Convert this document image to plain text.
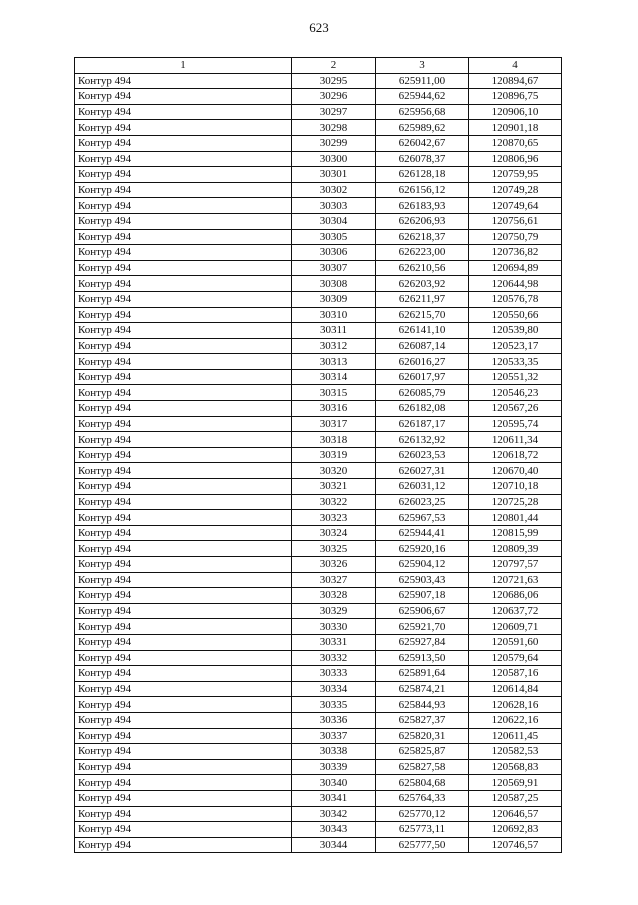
623
1	2	3	4
Контур 494	30295	625911,00	120894,67
Контур 494	30296	625944,62	120896,75
Контур 494	30297	625956,68	120906,10
Контур 494	30298	625989,62	120901,18
Контур 494	30299	626042,67	120870,65
Контур 494	30300	626078,37	120806,96
Контур 494	30301	626128,18	120759,95
Контур 494	30302	626156,12	120749,28
Контур 494	30303	626183,93	120749,64
Контур 494	30304	626206,93	120756,61
Контур 494	30305	626218,37	120750,79
Контур 494	30306	626223,00	120736,82
Контур 494	30307	626210,56	120694,89
Контур 494	30308	626203,92	120644,98
Контур 494	30309	626211,97	120576,78
Контур 494	30310	626215,70	120550,66
Контур 494	30311	626141,10	120539,80
Контур 494	30312	626087,14	120523,17
Контур 494	30313	626016,27	120533,35
Контур 494	30314	626017,97	120551,32
Контур 494	30315	626085,79	120546,23
Контур 494	30316	626182,08	120567,26
Контур 494	30317	626187,17	120595,74
Контур 494	30318	626132,92	120611,34
Контур 494	30319	626023,53	120618,72
Контур 494	30320	626027,31	120670,40
Контур 494	30321	626031,12	120710,18
Контур 494	30322	626023,25	120725,28
Контур 494	30323	625967,53	120801,44
Контур 494	30324	625944,41	120815,99
Контур 494	30325	625920,16	120809,39
Контур 494	30326	625904,12	120797,57
Контур 494	30327	625903,43	120721,63
Контур 494	30328	625907,18	120686,06
Контур 494	30329	625906,67	120637,72
Контур 494	30330	625921,70	120609,71
Контур 494	30331	625927,84	120591,60
Контур 494	30332	625913,50	120579,64
Контур 494	30333	625891,64	120587,16
Контур 494	30334	625874,21	120614,84
Контур 494	30335	625844,93	120628,16
Контур 494	30336	625827,37	120622,16
Контур 494	30337	625820,31	120611,45
Контур 494	30338	625825,87	120582,53
Контур 494	30339	625827,58	120568,83
Контур 494	30340	625804,68	120569,91
Контур 494	30341	625764,33	120587,25
Контур 494	30342	625770,12	120646,57
Контур 494	30343	625773,11	120692,83
Контур 494	30344	625777,50	120746,57
